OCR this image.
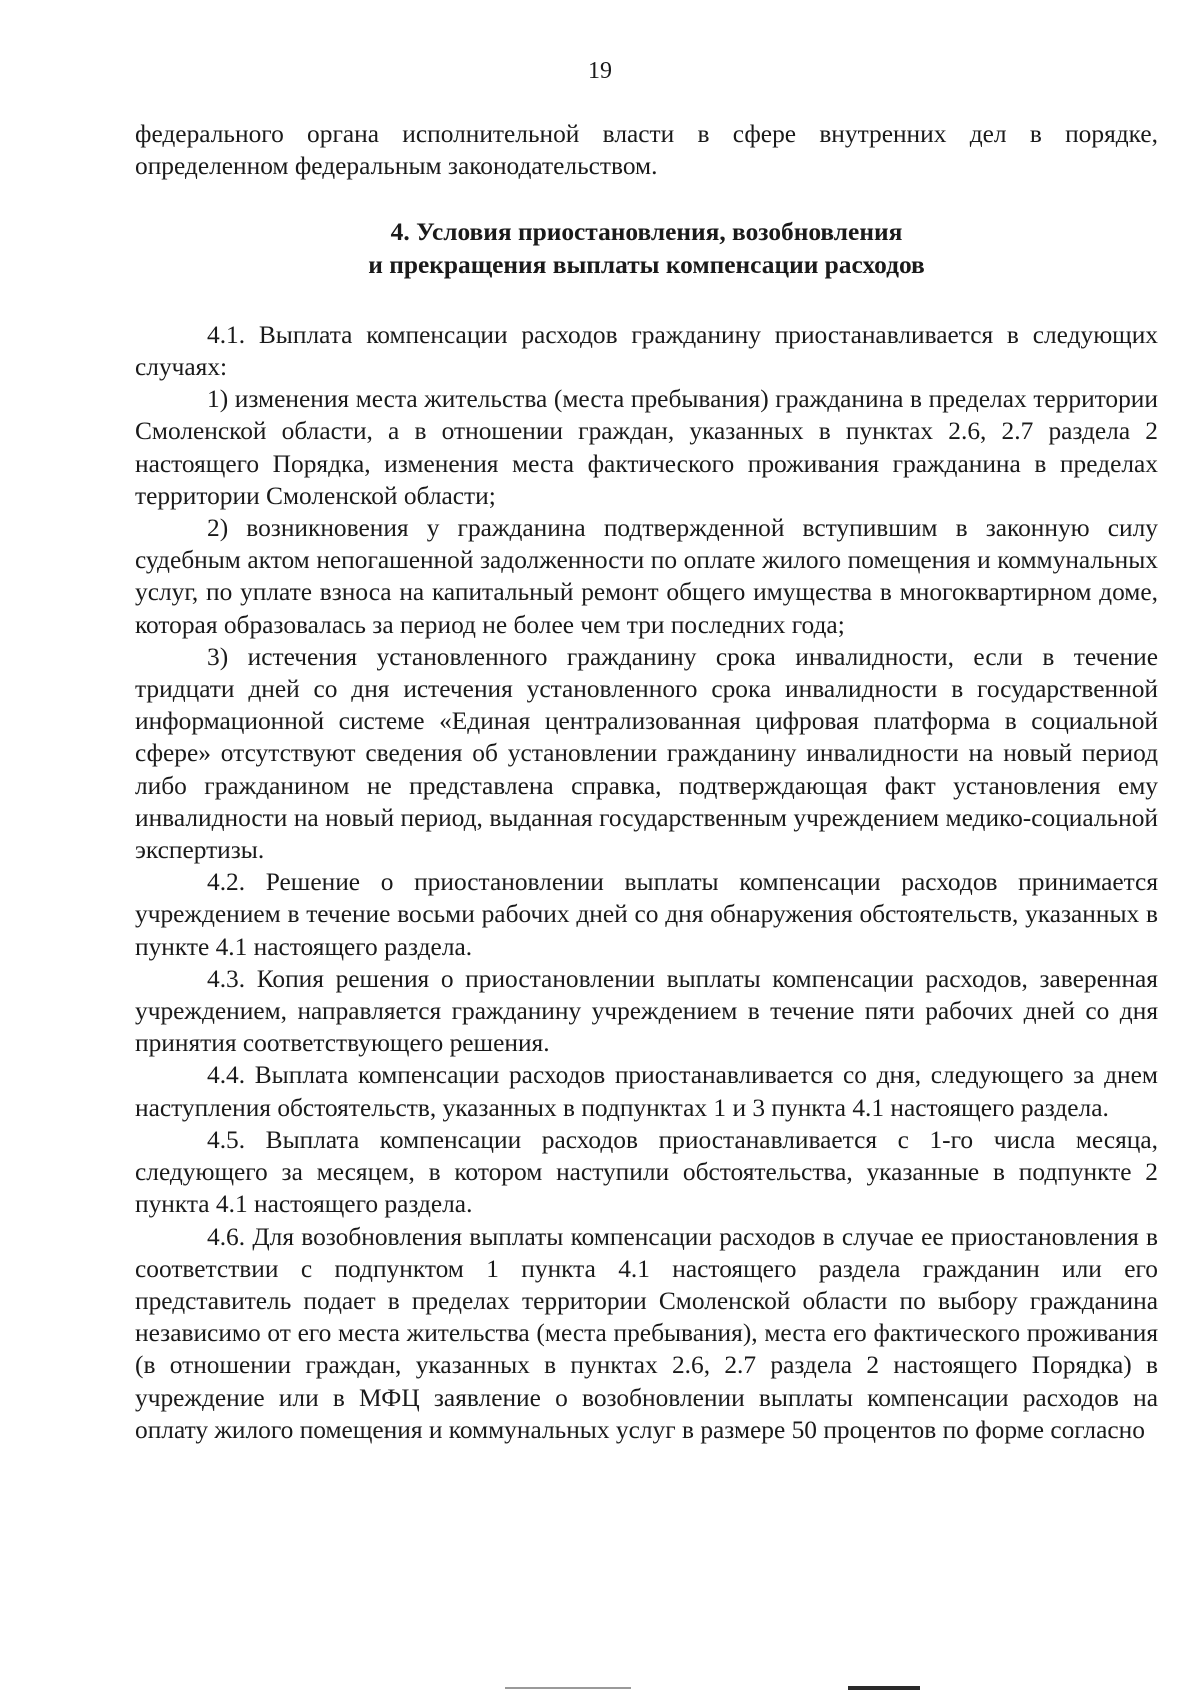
19

федерального органа исполнительной власти в сфере внутренних дел в порядке, определенном федеральным законодательством.

4. Условия приостановления, возобновления
и прекращения выплаты компенсации расходов

4.1. Выплата компенсации расходов гражданину приостанавливается в следующих случаях:

1) изменения места жительства (места пребывания) гражданина в пределах территории Смоленской области, а в отношении граждан, указанных в пунктах 2.6, 2.7 раздела 2 настоящего Порядка, изменения места фактического проживания гражданина в пределах территории Смоленской области;

2) возникновения у гражданина подтвержденной вступившим в законную силу судебным актом непогашенной задолженности по оплате жилого помещения и коммунальных услуг, по уплате взноса на капитальный ремонт общего имущества в многоквартирном доме, которая образовалась за период не более чем три последних года;

3) истечения установленного гражданину срока инвалидности, если в течение тридцати дней со дня истечения установленного срока инвалидности в государственной информационной системе «Единая централизованная цифровая платформа в социальной сфере» отсутствуют сведения об установлении гражданину инвалидности на новый период либо гражданином не представлена справка, подтверждающая факт установления ему инвалидности на новый период, выданная государственным учреждением медико-социальной экспертизы.

4.2. Решение о приостановлении выплаты компенсации расходов принимается учреждением в течение восьми рабочих дней со дня обнаружения обстоятельств, указанных в пункте 4.1 настоящего раздела.

4.3. Копия решения о приостановлении выплаты компенсации расходов, заверенная учреждением, направляется гражданину учреждением в течение пяти рабочих дней со дня принятия соответствующего решения.

4.4. Выплата компенсации расходов приостанавливается со дня, следующего за днем наступления обстоятельств, указанных в подпунктах 1 и 3 пункта 4.1 настоящего раздела.

4.5. Выплата компенсации расходов приостанавливается с 1-го числа месяца, следующего за месяцем, в котором наступили обстоятельства, указанные в подпункте 2 пункта 4.1 настоящего раздела.

4.6. Для возобновления выплаты компенсации расходов в случае ее приостановления в соответствии с подпунктом 1 пункта 4.1 настоящего раздела гражданин или его представитель подает в пределах территории Смоленской области по выбору гражданина независимо от его места жительства (места пребывания), места его фактического проживания (в отношении граждан, указанных в пунктах 2.6, 2.7 раздела 2 настоящего Порядка) в учреждение или в МФЦ заявление о возобновлении выплаты компенсации расходов на оплату жилого помещения и коммунальных услуг в размере 50 процентов по форме согласно
